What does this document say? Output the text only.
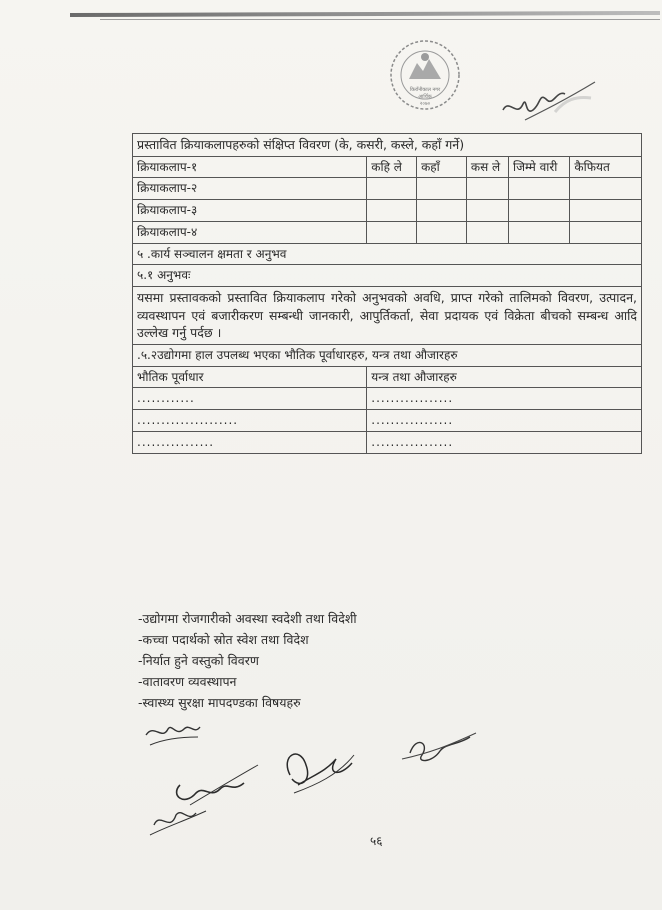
किराँनीकाल नगर
आर्थिक
२०७०
प्रस्तावित क्रियाकलापहरुको संक्षिप्त विवरण (के, कसरी, कस्ले, कहाँ गर्ने)					
क्रियाकलाप-१	कहि ले	कहाँ	कस ले	जिम्मे वारी	कैफियत
क्रियाकलाप-२					
क्रियाकलाप-३					
क्रियाकलाप-४					
५ .कार्य सञ्चालन क्षमता र अनुभव					
५.१ अनुभवः					
यसमा प्रस्तावकको प्रस्तावित क्रियाकलाप गरेको अनुभवको अवधि, प्राप्त गरेको तालिमको विवरण, उत्पादन, व्यवस्थापन एवं बजारीकरण सम्बन्धी जानकारी, आपुर्तिकर्ता, सेवा प्रदायक एवं विक्रेता बीचको सम्बन्ध आदि उल्लेख गर्नु पर्दछ ।					
.५.२उद्योगमा हाल उपलब्ध भएका भौतिक पूर्वाधारहरु, यन्त्र तथा औजारहरु					
भौतिक पूर्वाधार	यन्त्र तथा औजारहरु				
............	.................				
.....................	.................				
................	.................				
-उद्योगमा रोजगारीको अवस्था स्वदेशी तथा विदेशी
-कच्चा पदार्थको स्रोत स्वेश तथा विदेश
-निर्यात हुने वस्तुको विवरण
-वातावरण व्यवस्थापन
-स्वास्थ्य सुरक्षा मापदण्डका विषयहरु
५६
